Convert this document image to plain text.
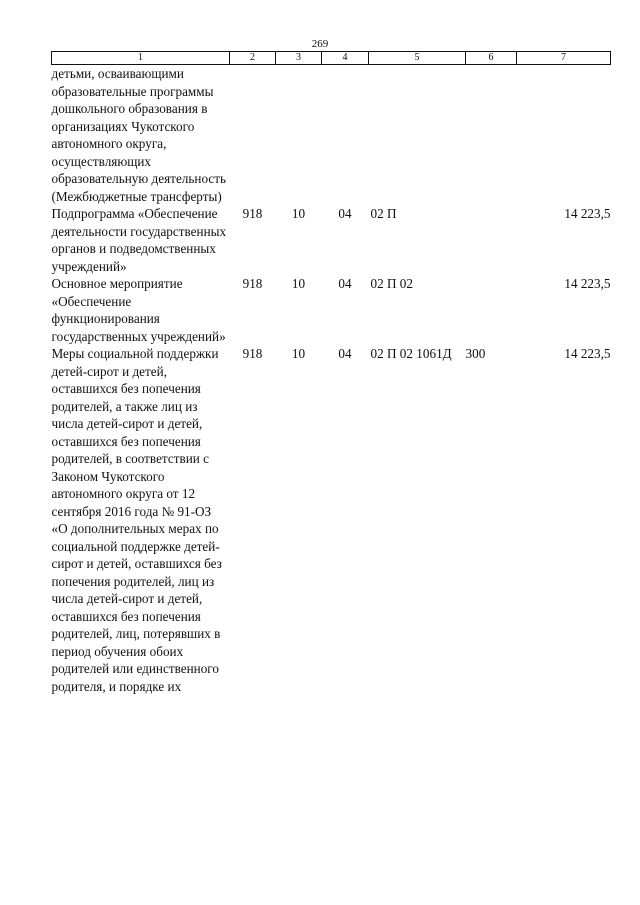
269
1	2	3	4	5	6	7
детьми, осваивающими образовательные программы дошкольного образования в организациях Чукотского автономного округа, осуществляющих образовательную деятельность (Межбюджетные трансферты)						
Подпрограмма «Обеспечение деятельности государственных органов и подведомственных учреждений»	918	10	04	02 П		14 223,5
Основное мероприятие «Обеспечение функционирования государственных учреждений»	918	10	04	02 П 02		14 223,5
Меры социальной поддержки детей-сирот и детей, оставшихся без попечения родителей, а также лиц из числа детей-сирот и детей, оставшихся без попечения родителей, в соответствии с Законом Чукотского автономного округа от 12 сентября 2016 года № 91-ОЗ «О дополнительных мерах по социальной поддержке детей-сирот и детей, оставшихся без попечения родителей, лиц из числа детей-сирот и детей, оставшихся без попечения родителей, лиц, потерявших в период обучения обоих родителей или единственного родителя, и порядке их	918	10	04	02 П 02 1061Д	300	14 223,5
